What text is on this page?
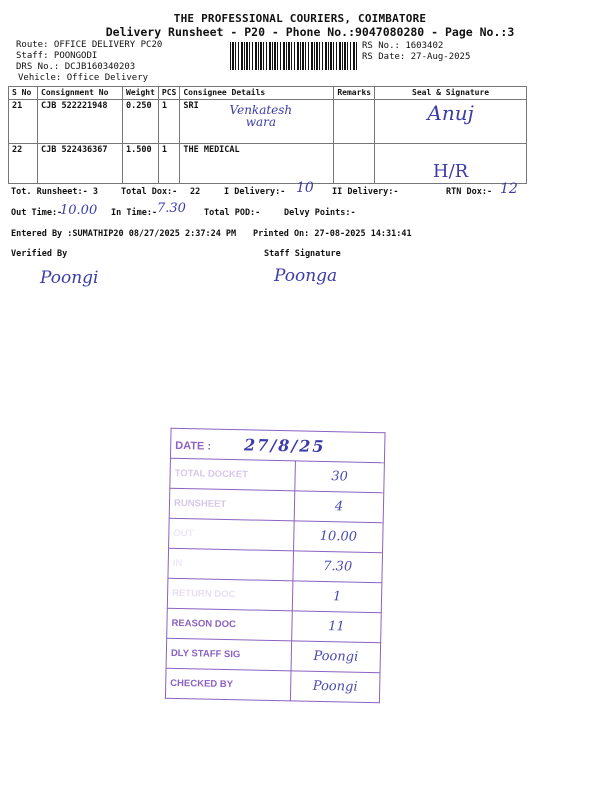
THE PROFESSIONAL COURIERS, COIMBATORE
Delivery Runsheet - P20 - Phone No.:9047080280 - Page No.:3
Route: OFFICE DELIVERY PC20
Staff: POONGODI
DRS No.: DCJB160340203
Vehicle: Office Delivery
RS No.: 1603402
RS Date: 27-Aug-2025
S No	Consignment No	Weight	PCS	Consignee Details	Remarks	Seal & Signature
21	CJB 522221948	0.250	1	SRI Venkatesh wara		Anuj
22	CJB 522436367	1.500	1	THE MEDICAL		H/R
Tot. Runsheet:- 3	Total Dox:- 22	I Delivery:- 10 II Delivery:-	RTN Dox:- 12
Out Time:-
10.00 In Time:- 7.30 Total POD:-	Delvy Points:-
Entered By :SUMATHIP20 08/27/2025 2:37:24 PM Printed On: 27-08-2025 14:31:41
Verified By	Staff Signature
Poongi	Poonga
DATE : 27/8/25	
TOTAL DOCKET	30
RUNSHEET	4
OUT	10.00
IN	7.30
RETURN DOC	1
REASON DOC	11
DLY STAFF SIG	Poongi
CHECKED BY	Poongi
